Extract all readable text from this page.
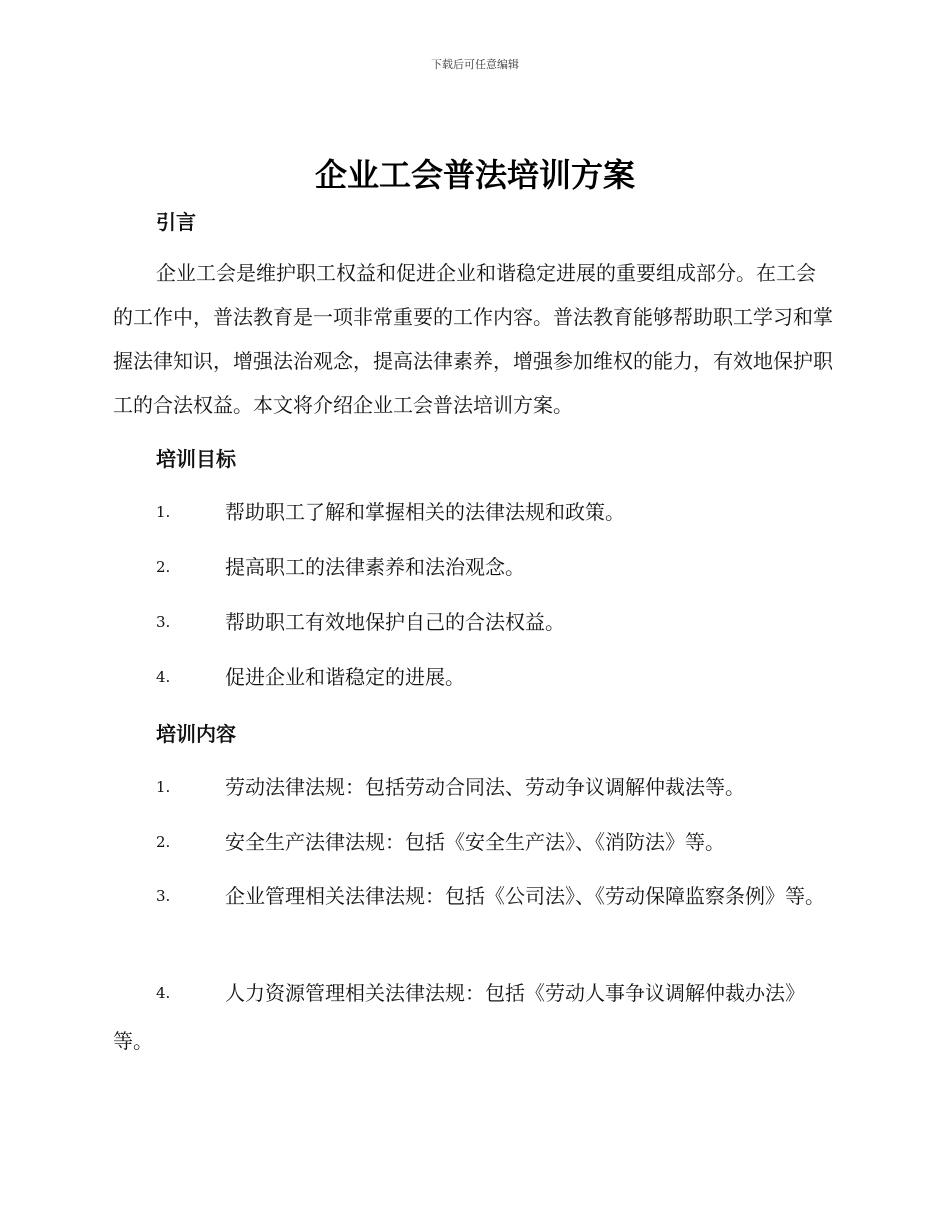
下载后可任意编辑
企业工会普法培训方案
引言
企业工会是维护职工权益和促进企业和谐稳定进展的重要组成部分。在工会的工作中，普法教育是一项非常重要的工作内容。普法教育能够帮助职工学习和掌握法律知识，增强法治观念，提高法律素养，增强参加维权的能力，有效地保护职工的合法权益。本文将介绍企业工会普法培训方案。
培训目标
1.	帮助职工了解和掌握相关的法律法规和政策。
2.	提高职工的法律素养和法治观念。
3.	帮助职工有效地保护自己的合法权益。
4.	促进企业和谐稳定的进展。
培训内容
1.	劳动法律法规：包括劳动合同法、劳动争议调解仲裁法等。
2.	安全生产法律法规：包括《安全生产法》、《消防法》等。
3.	企业管理相关法律法规：包括《公司法》、《劳动保障监察条例》等。
4.	人力资源管理相关法律法规：包括《劳动人事争议调解仲裁办法》等。
